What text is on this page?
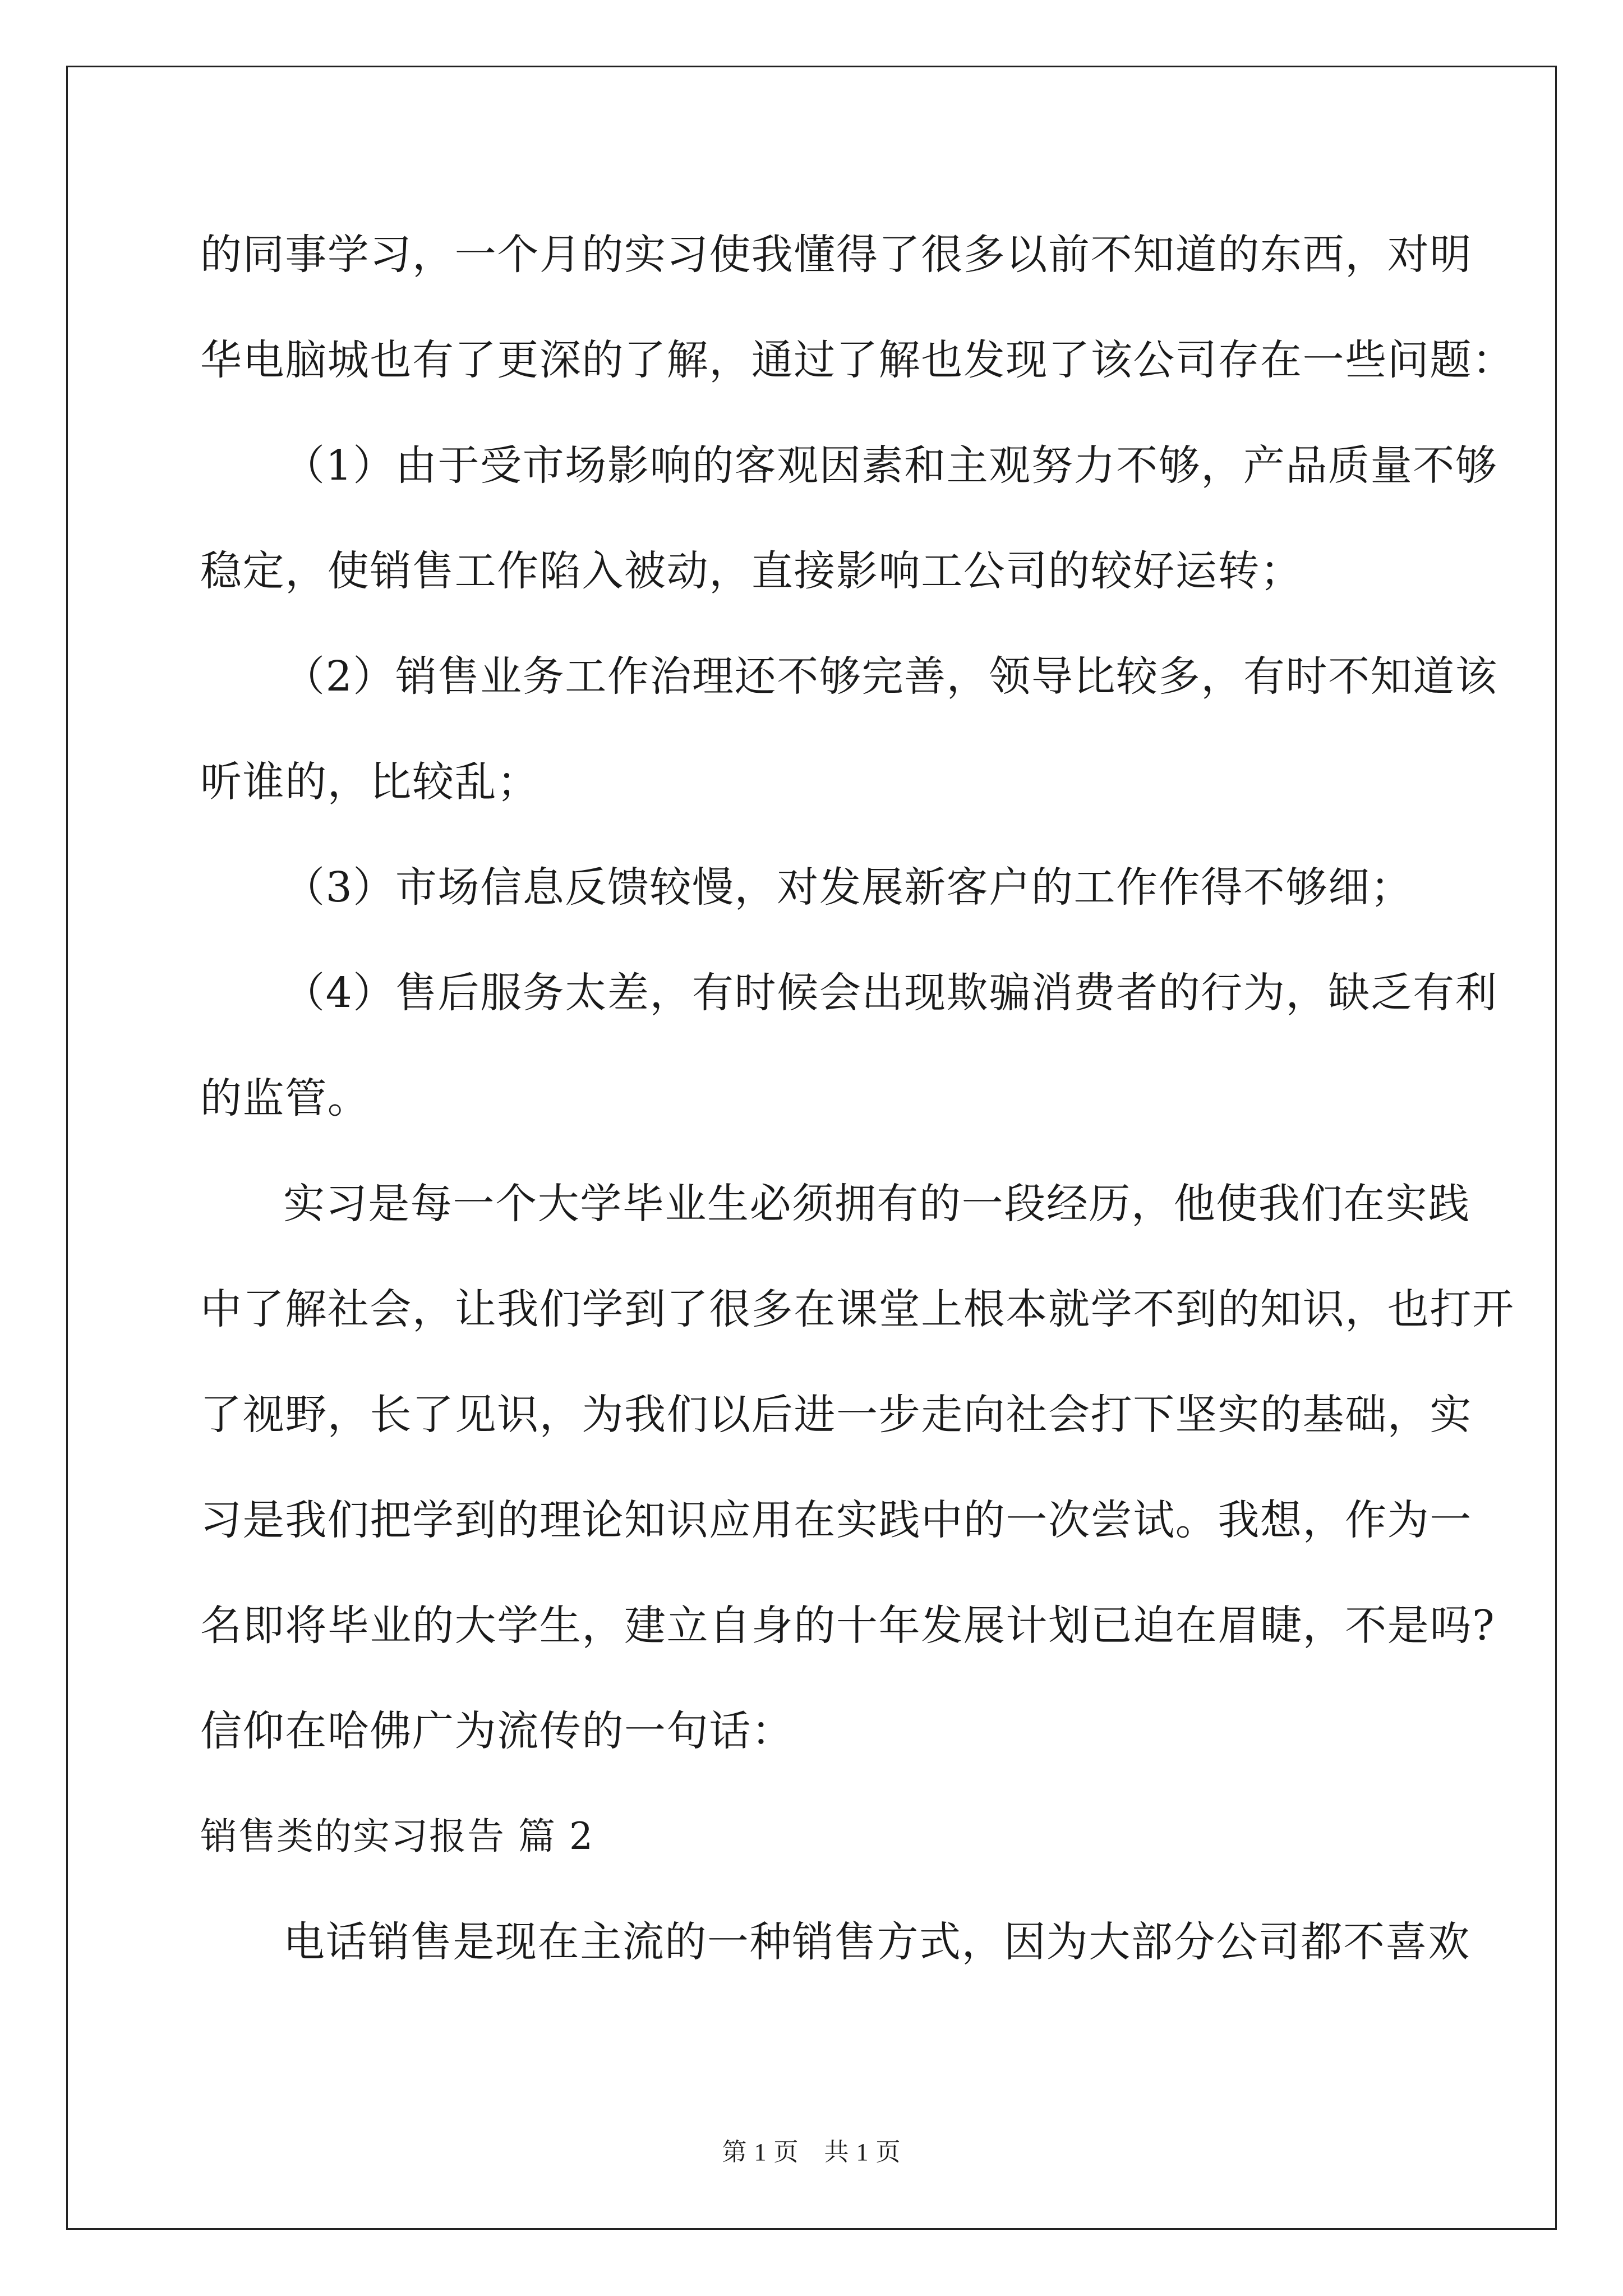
的同事学习，一个月的实习使我懂得了很多以前不知道的东西，对明
华电脑城也有了更深的了解，通过了解也发现了该公司存在一些问题：
（1）由于受市场影响的客观因素和主观努力不够，产品质量不够
稳定，使销售工作陷入被动，直接影响工公司的较好运转；
（2）销售业务工作治理还不够完善，领导比较多，有时不知道该
听谁的，比较乱；
（3）市场信息反馈较慢，对发展新客户的工作作得不够细；
（4）售后服务太差，有时候会出现欺骗消费者的行为，缺乏有利
的监管。
实习是每一个大学毕业生必须拥有的一段经历，他使我们在实践
中了解社会，让我们学到了很多在课堂上根本就学不到的知识，也打开
了视野，长了见识，为我们以后进一步走向社会打下坚实的基础，实
习是我们把学到的理论知识应用在实践中的一次尝试。我想，作为一
名即将毕业的大学生，建立自身的十年发展计划已迫在眉睫，不是吗?
信仰在哈佛广为流传的一句话：
销售类的实习报告 篇 2
电话销售是现在主流的一种销售方式，因为大部分公司都不喜欢
第 1 页　共 1 页
